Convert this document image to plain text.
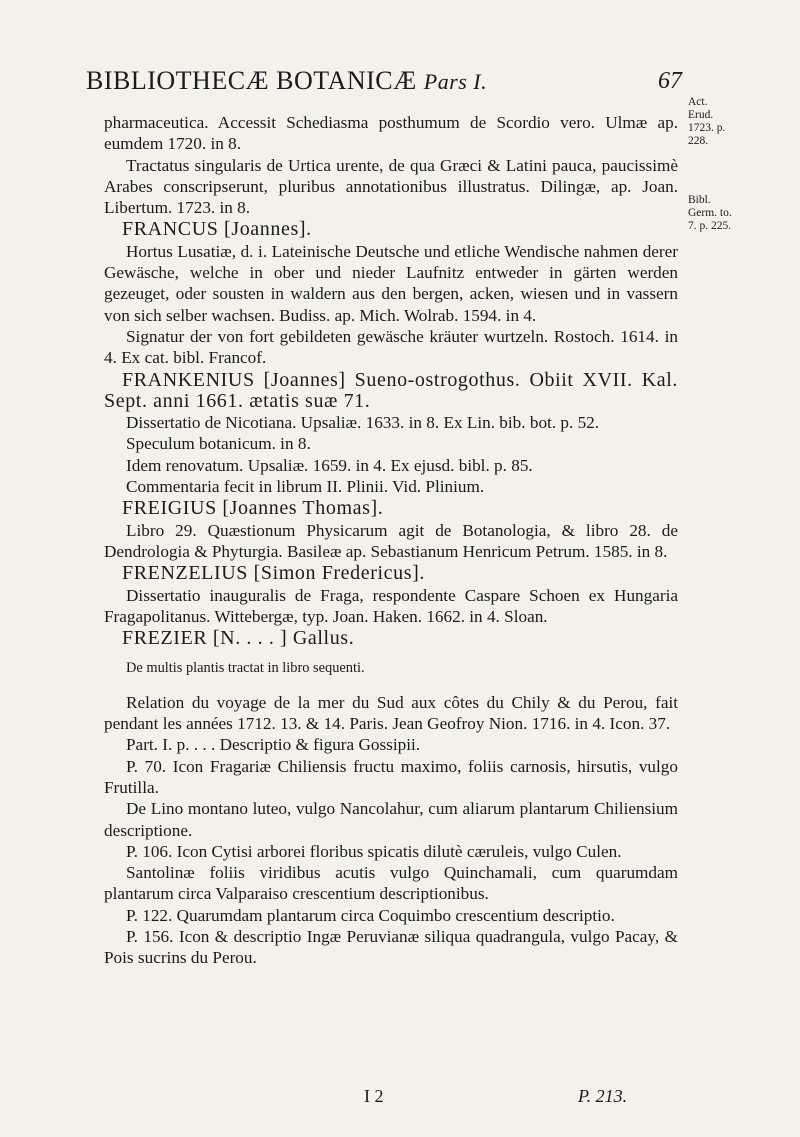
BIBLIOTHECÆ BOTANICÆ Pars I.	67
Act. Erud. 1723. p. 228.
Bibl. Germ. to. 7. p. 225.

pharmaceutica. Accessit Schediasma posthumum de Scordio vero. Ulmæ ap. eumdem 1720. in 8.

Tractatus singularis de Urtica urente, de qua Græci & Latini pauca, paucissimè Arabes conscripserunt, pluribus annotationibus illustratus. Dilingæ, ap. Joan. Libertum. 1723. in 8.

FRANCUS [Joannes].

Hortus Lusatiæ, d. i. Lateinische Deutsche und etliche Wendische nahmen derer Gewäsche, welche in ober und nieder Laufnitz entweder in gärten werden gezeuget, oder sousten in waldern aus den bergen, acken, wiesen und in vassern von sich selber wachsen. Budiss. ap. Mich. Wolrab. 1594. in 4.

Signatur der von fort gebildeten gewäsche kräuter wurtzeln. Rostoch. 1614. in 4. Ex cat. bibl. Francof.

FRANKENIUS [Joannes] Sueno-ostrogothus. Obiit XVII. Kal. Sept. anni 1661. ætatis suæ 71.

Dissertatio de Nicotiana. Upsaliæ. 1633. in 8. Ex Lin. bib. bot. p. 52.

Speculum botanicum. in 8.

Idem renovatum. Upsaliæ. 1659. in 4. Ex ejusd. bibl. p. 85.

Commentaria fecit in librum II. Plinii. Vid. Plinium.

FREIGIUS [Joannes Thomas].

Libro 29. Quæstionum Physicarum agit de Botanologia, & libro 28. de Dendrologia & Phyturgia. Basileæ ap. Sebastianum Henricum Petrum. 1585. in 8.

FRENZELIUS [Simon Fredericus].

Dissertatio inauguralis de Fraga, respondente Caspare Schoen ex Hungaria Fragapolitanus. Wittebergæ, typ. Joan. Haken. 1662. in 4. Sloan.

FREZIER [N. . . . ] Gallus.

De multis plantis tractat in libro sequenti.

Relation du voyage de la mer du Sud aux côtes du Chily & du Perou, fait pendant les années 1712. 13. & 14. Paris. Jean Geofroy Nion. 1716. in 4. Icon. 37.

Part. I. p. . . . Descriptio & figura Gossipii.

P. 70. Icon Fragariæ Chiliensis fructu maximo, foliis carnosis, hirsutis, vulgo Frutilla.

De Lino montano luteo, vulgo Nancolahur, cum aliarum plantarum Chiliensium descriptione.

P. 106. Icon Cytisi arborei floribus spicatis dilutè cæruleis, vulgo Culen.

Santolinæ foliis viridibus acutis vulgo Quinchamali, cum quarumdam plantarum circa Valparaiso crescentium descriptionibus.

P. 122. Quarumdam plantarum circa Coquimbo crescentium descriptio.

P. 156. Icon & descriptio Ingæ Peruvianæ siliqua quadrangula, vulgo Pacay, & Pois sucrins du Perou.

I 2	P. 213.
